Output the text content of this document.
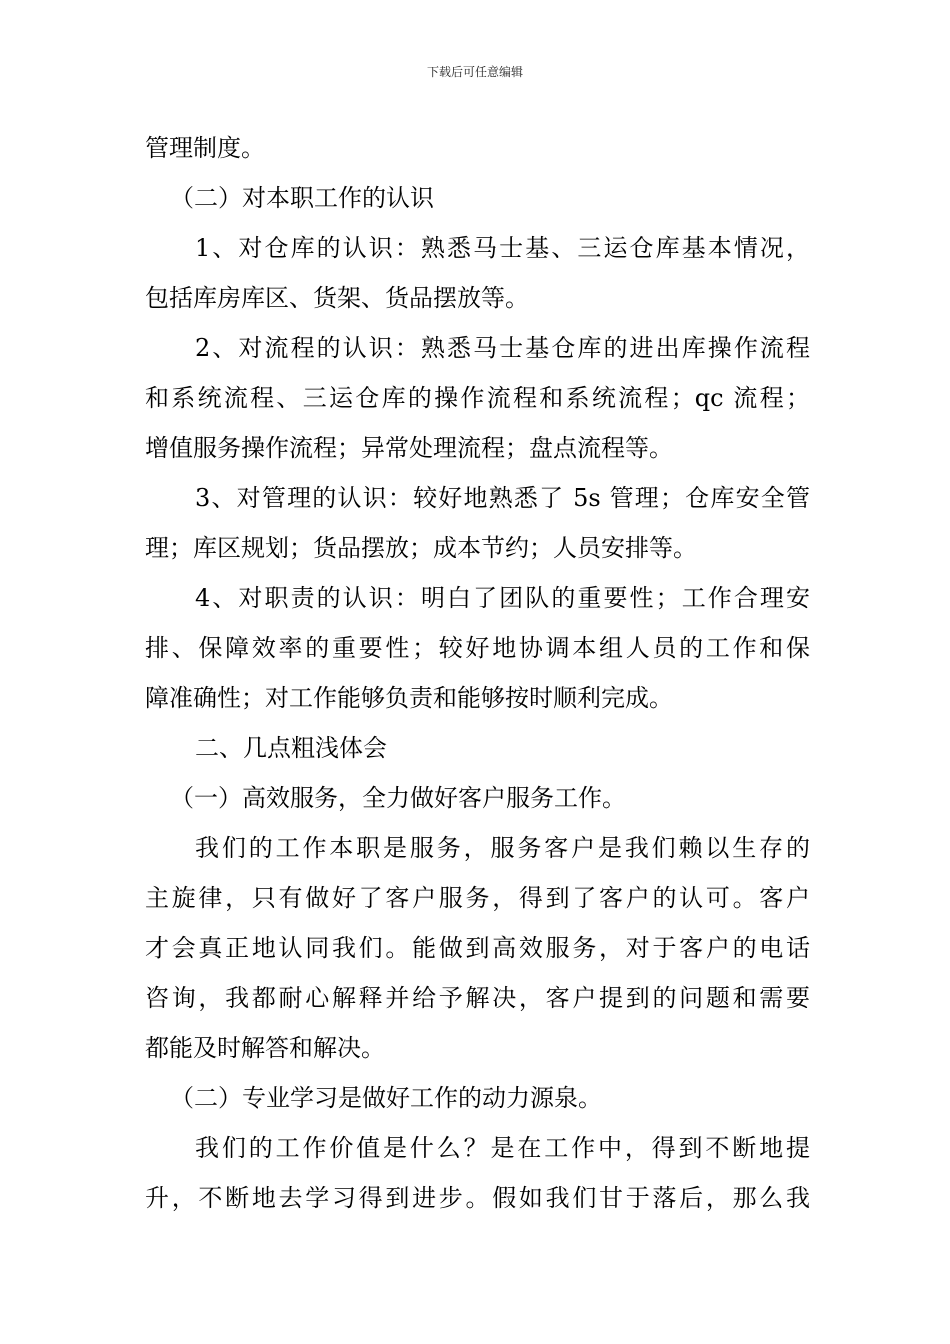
下载后可任意编辑
管理制度。
（二）对本职工作的认识
1、对仓库的认识：熟悉马士基、三运仓库基本情况，
包括库房库区、货架、货品摆放等。
2、对流程的认识：熟悉马士基仓库的进出库操作流程
和系统流程、三运仓库的操作流程和系统流程；qc 流程；
增值服务操作流程；异常处理流程；盘点流程等。
3、对管理的认识：较好地熟悉了 5s 管理；仓库安全管
理；库区规划；货品摆放；成本节约；人员安排等。
4、对职责的认识：明白了团队的重要性；工作合理安
排、保障效率的重要性；较好地协调本组人员的工作和保
障准确性；对工作能够负责和能够按时顺利完成。
二、几点粗浅体会
（一）高效服务，全力做好客户服务工作。
我们的工作本职是服务，服务客户是我们赖以生存的
主旋律，只有做好了客户服务，得到了客户的认可。客户
才会真正地认同我们。能做到高效服务，对于客户的电话
咨询，我都耐心解释并给予解决，客户提到的问题和需要
都能及时解答和解决。
（二）专业学习是做好工作的动力源泉。
我们的工作价值是什么？是在工作中，得到不断地提
升，不断地去学习得到进步。假如我们甘于落后，那么我
